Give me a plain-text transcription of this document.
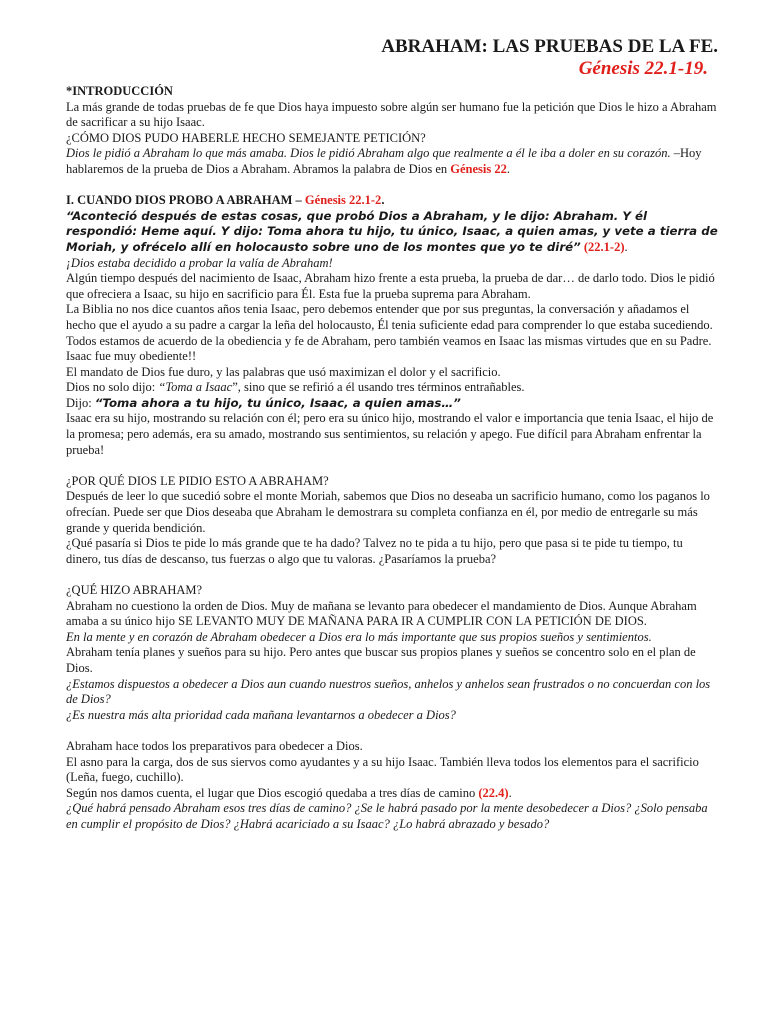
ABRAHAM: LAS PRUEBAS DE LA FE.
Génesis 22.1-19.

*INTRODUCCIÓN

La más grande de todas pruebas de fe que Dios haya impuesto sobre algún ser humano fue la petición que Dios le hizo a Abraham de sacrificar a su hijo Isaac.

¿CÓMO DIOS PUDO HABERLE HECHO SEMEJANTE PETICIÓN?

Dios le pidió a Abraham lo que más amaba. Dios le pidió Abraham algo que realmente a él le iba a doler en su corazón. –Hoy hablaremos de la prueba de Dios a Abraham. Abramos la palabra de Dios en Génesis 22.

I. CUANDO DIOS PROBO A ABRAHAM – Génesis 22.1-2.

“Aconteció después de estas cosas, que probó Dios a Abraham, y le dijo: Abraham. Y él respondió: Heme aquí. Y dijo: Toma ahora tu hijo, tu único, Isaac, a quien amas, y vete a tierra de Moriah, y ofrécelo allí en holocausto sobre uno de los montes que yo te diré” (22.1-2).

¡Dios estaba decidido a probar la valía de Abraham!

Algún tiempo después del nacimiento de Isaac, Abraham hizo frente a esta prueba, la prueba de dar… de darlo todo. Dios le pidió que ofreciera a Isaac, su hijo en sacrificio para Él. Esta fue la prueba suprema para Abraham.

La Biblia no nos dice cuantos años tenia Isaac, pero debemos entender que por sus preguntas, la conversación y añadamos el hecho que el ayudo a su padre a cargar la leña del holocausto, Él tenia suficiente edad para comprender lo que estaba sucediendo.

Todos estamos de acuerdo de la obediencia y fe de Abraham, pero también veamos en Isaac las mismas virtudes que en su Padre. Isaac fue muy obediente!!

El mandato de Dios fue duro, y las palabras que usó maximizan el dolor y el sacrificio.

Dios no solo dijo: “Toma a Isaac”, sino que se refirió a él usando tres términos entrañables.

Dijo: “Toma ahora a tu hijo, tu único, Isaac, a quien amas…”

Isaac era su hijo, mostrando su relación con él; pero era su único hijo, mostrando el valor e importancia que tenia Isaac, el hijo de la promesa; pero además, era su amado, mostrando sus sentimientos, su relación y apego. Fue difícil para Abraham enfrentar la prueba!

¿POR QUÉ DIOS LE PIDIO ESTO A ABRAHAM?

Después de leer lo que sucedió sobre el monte Moriah, sabemos que Dios no deseaba un sacrificio humano, como los paganos lo ofrecían. Puede ser que Dios deseaba que Abraham le demostrara su completa confianza en él, por medio de entregarle su más grande y querida bendición.

¿Qué pasaría si Dios te pide lo más grande que te ha dado? Talvez no te pida a tu hijo, pero que pasa si te pide tu tiempo, tu dinero, tus días de descanso, tus fuerzas o algo que tu valoras. ¿Pasaríamos la prueba?

¿QUÉ HIZO ABRAHAM?

Abraham no cuestiono la orden de Dios. Muy de mañana se levanto para obedecer el mandamiento de Dios. Aunque Abraham amaba a su único hijo SE LEVANTO MUY DE MAÑANA PARA IR A CUMPLIR CON LA PETICIÓN DE DIOS.

En la mente y en corazón de Abraham obedecer a Dios era lo más importante que sus propios sueños y sentimientos.

Abraham tenía planes y sueños para su hijo. Pero antes que buscar sus propios planes y sueños se concentro solo en el plan de Dios.

¿Estamos dispuestos a obedecer a Dios aun cuando nuestros sueños, anhelos y anhelos sean frustrados o no concuerdan con los de Dios?

¿Es nuestra más alta prioridad cada mañana levantarnos a obedecer a Dios?

Abraham hace todos los preparativos para obedecer a Dios.

El asno para la carga, dos de sus siervos como ayudantes y a su hijo Isaac. También lleva todos los elementos para el sacrificio (Leña, fuego, cuchillo).

Según nos damos cuenta, el lugar que Dios escogió quedaba a tres días de camino (22.4).

¿Qué habrá pensado Abraham esos tres días de camino? ¿Se le habrá pasado por la mente desobedecer a Dios? ¿Solo pensaba en cumplir el propósito de Dios? ¿Habrá acariciado a su Isaac? ¿Lo habrá abrazado y besado?
